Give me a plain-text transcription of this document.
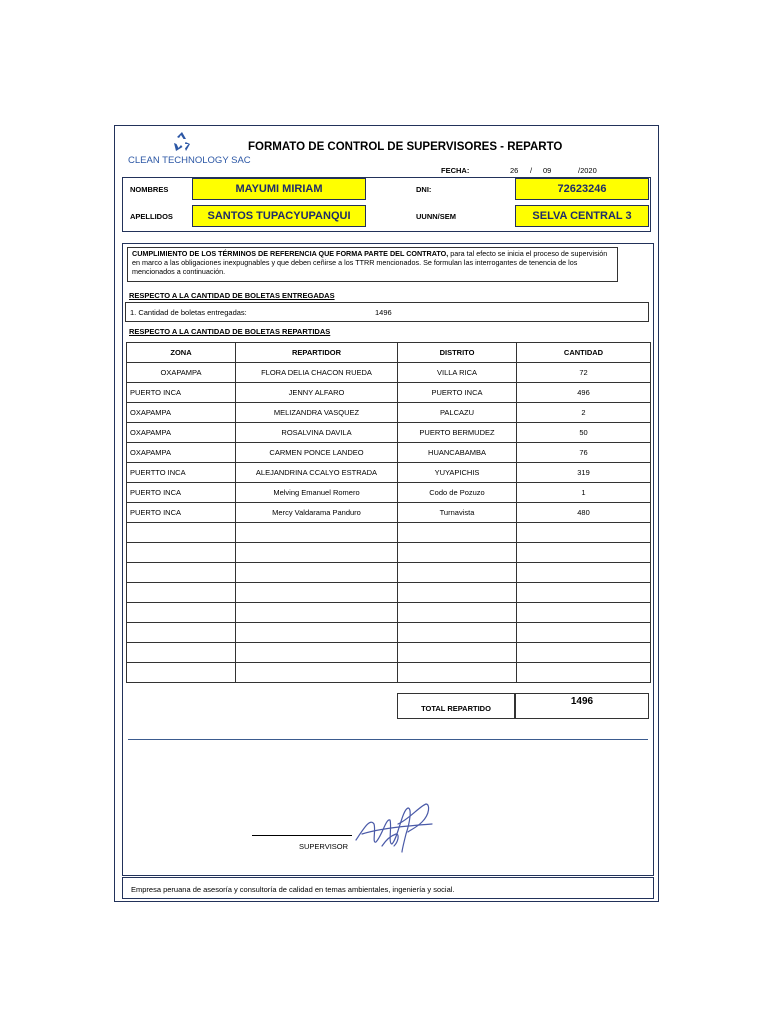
CLEAN TECHNOLOGY SAC
FORMATO DE CONTROL DE SUPERVISORES - REPARTO
FECHA:	26 / 09	/2020
NOMBRES	MAYUMI MIRIAM	DNI:	72623246
APELLIDOS	SANTOS TUPACYUPANQUI	UUNN/SEM	SELVA CENTRAL 3
CUMPLIMIENTO DE LOS TÉRMINOS DE REFERENCIA QUE FORMA PARTE DEL CONTRATO, para tal efecto se inicia el proceso de supervisión en marco a las obligaciones inexpugnables y que deben ceñirse a los TTRR mencionados. Se formulan las interrogantes de tenencia de los mencionados a continuación.
RESPECTO A LA CANTIDAD DE BOLETAS ENTREGADAS
1. Cantidad de boletas entregadas:	1496
RESPECTO A LA CANTIDAD DE BOLETAS REPARTIDAS
ZONA	REPARTIDOR	DISTRITO	CANTIDAD
OXAPAMPA	FLORA DELIA CHACON RUEDA	VILLA RICA	72
PUERTO INCA	JENNY ALFARO	PUERTO INCA	496
OXAPAMPA	MELIZANDRA VASQUEZ	PALCAZU	2
OXAPAMPA	ROSALVINA DAVILA	PUERTO BERMUDEZ	50
OXAPAMPA	CARMEN PONCE LANDEO	HUANCABAMBA	76
PUERTTO INCA	ALEJANDRINA CCALYO ESTRADA	YUYAPICHIS	319
PUERTO INCA	Melving Emanuel Romero	Codo de Pozuzo	1
PUERTO INCA	Mercy Valdarama Panduro	Turnavista	480

TOTAL REPARTIDO
1496
SUPERVISOR
Empresa peruana de asesoría y consultoría de calidad en temas ambientales, ingeniería y social.
